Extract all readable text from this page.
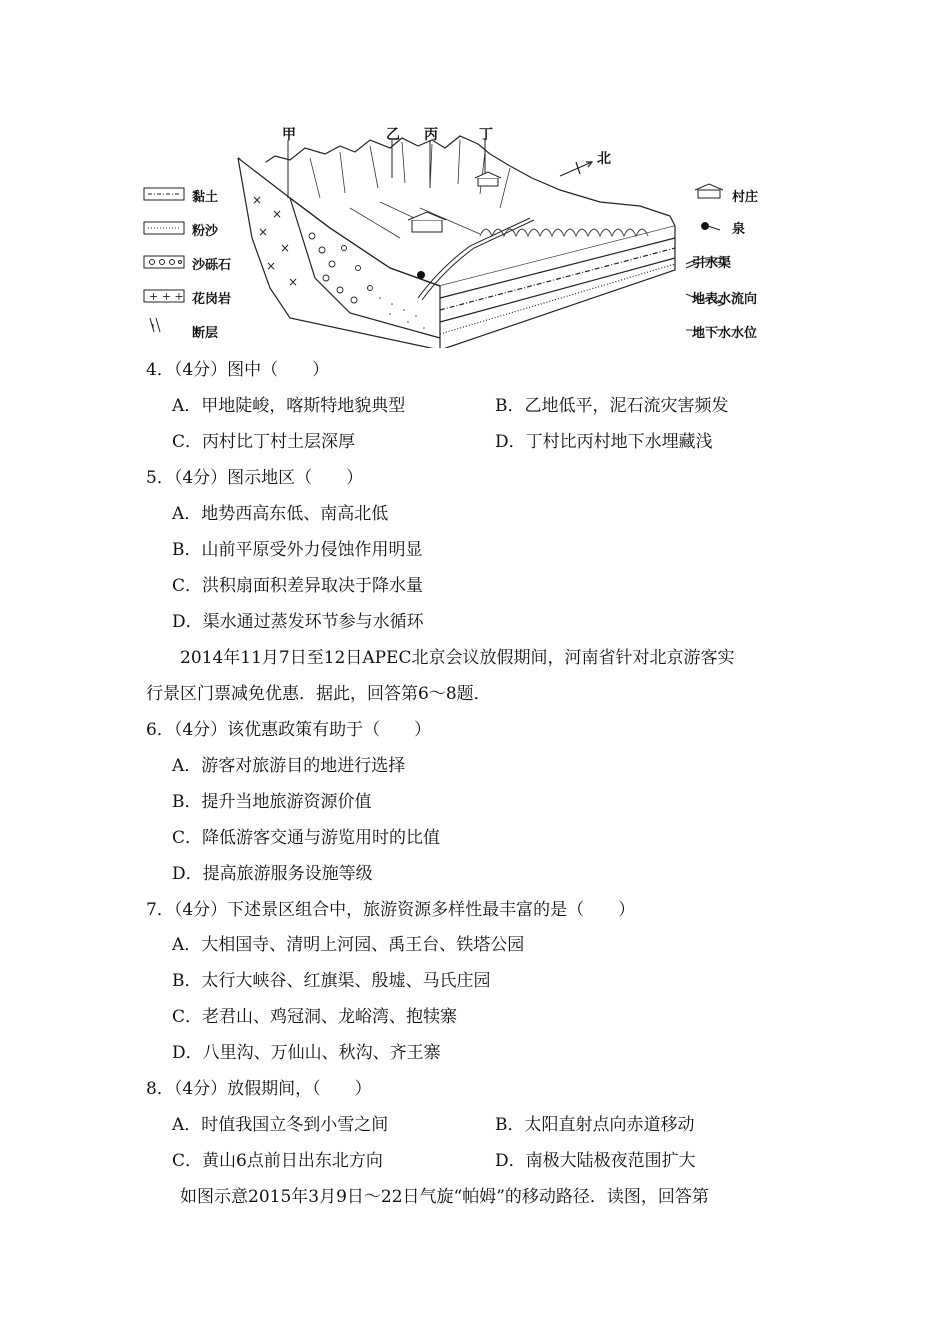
+ + +
×
×
×
×
×
×
甲	乙 丙	丁
北
黏土
粉沙
沙砾石
花岗岩
断层
村庄
泉
引水渠
地表水流向
地下水水位
4．（4分）图中（　　）
A．甲地陡峻，喀斯特地貌典型	B．乙地低平，泥石流灾害频发
C．丙村比丁村土层深厚	D．丁村比丙村地下水埋藏浅
5．（4分）图示地区（　　）
A．地势西高东低、南高北低
B．山前平原受外力侵蚀作用明显
C．洪积扇面积差异取决于降水量
D．渠水通过蒸发环节参与水循环
2014年11月7日至12日APEC北京会议放假期间，河南省针对北京游客实
行景区门票减免优惠．据此，回答第6～8题．
6．（4分）该优惠政策有助于（　　）
A．游客对旅游目的地进行选择
B．提升当地旅游资源价值
C．降低游客交通与游览用时的比值
D．提高旅游服务设施等级
7．（4分）下述景区组合中，旅游资源多样性最丰富的是（　　）
A．大相国寺、清明上河园、禹王台、铁塔公园
B．太行大峡谷、红旗渠、殷墟、马氏庄园
C．老君山、鸡冠洞、龙峪湾、抱犊寨
D．八里沟、万仙山、秋沟、齐王寨
8．（4分）放假期间，（　　）
A．时值我国立冬到小雪之间	B．太阳直射点向赤道移动
C．黄山6点前日出东北方向	D．南极大陆极夜范围扩大
如图示意2015年3月9日～22日气旋“帕姆”的移动路径．读图，回答第
